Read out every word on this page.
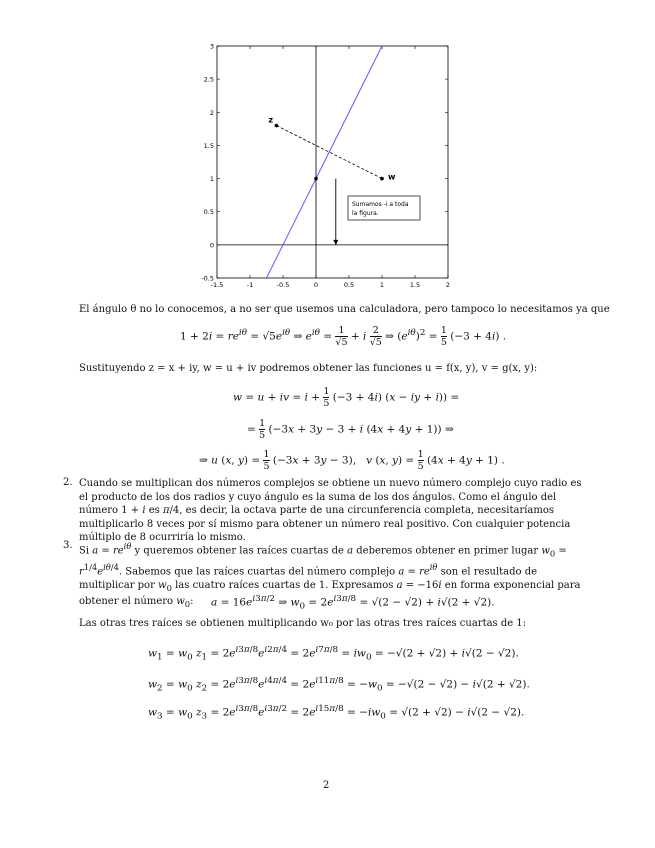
-1.5	-1	-0.5	0	0.5	1	1.5	2
-0.5
0
0.5
1
1.5
2
2.5
3
z
w
Sumamos -i a toda
la figura.
El ángulo θ no lo conocemos, a no ser que usemos una calculadora, pero tampoco lo necesitamos ya que
$1 + 2i = re^{i\theta} = √5e^{i\theta}$ ⇒ $e^{i\theta} = \frac{1}{√5} + i \frac{2}{√5}$ ⇒ $(e^{i\theta})^2 = \frac{1}{5} (-3 + 4i)$ .
Sustituyendo z = x + iy, w = u + iv podremos obtener las funciones u = f(x, y), v = g(x, y):
w = u + iv = $i + \frac{1}{5} (-3 + 4i) (x$ − iy + i)) =
= $\frac{1}{5} (-3x + 3y - 3 + i$ (4x + 4y + 1)) ⇒
⇒ u (x, $y) = \frac{1}{5} (-3x + 3y - 3)$,   v (x, $y) = \frac{1}{5} (4x + 4y + 1)$ .
2. Cuando se multiplican dos números complejos se obtiene un nuevo número complejo cuyo radio es el producto de los dos radios y cuyo ángulo es la suma de los dos ángulos. Como el ángulo del número 1 + i es π/4, es decir, la octava parte de una circunferencia completa, necesitaríamos multiplicarlo 8 veces por sí mismo para obtener un número real positivo. Con cualquier potencia múltiplo de 8 ocurriría lo mismo.
3. Si $a = re^{i\theta}$ y queremos obtener las raíces cuartas de a deberemos obtener en primer lugar $w_0 = r^{1/4}e^{i\theta/4}$. Sabemos que las raíces cuartas del número complejo $a = re^{i\theta}$ son el resultado de multiplicar por $w_0$ las cuatro raíces cuartas de 1. Expresamos a = −16i en forma exponencial para obtener el número $w_0$:	$a = 16e^{i3\pi/2}$ ⇒ $w_0 = 2e^{i3\pi/8} = √(2 - √2) + i√(2 + √2)$.
Las otras tres raíces se obtienen multiplicando w₀ por las otras tres raíces cuartas de 1:
$w_1 = w_0$ $z_1 = 2e^{i3\pi/8}e^{i2\pi/4} = 2e^{i7\pi/8} = iw_0 = -√(2 + √2) + i√(2 - √2)$.
$w_2 = w_0$ $z_2 = 2e^{i3\pi/8}e^{i4\pi/4} = 2e^{i11\pi/8} = -w_0 = -√(2 - √2) - i√(2 + √2)$.
$w_3 = w_0$ $z_3 = 2e^{i3\pi/8}e^{i3\pi/2} = 2e^{i15\pi/8} = -iw_0 = √(2 + √2) - i√(2 - √2)$.
2
